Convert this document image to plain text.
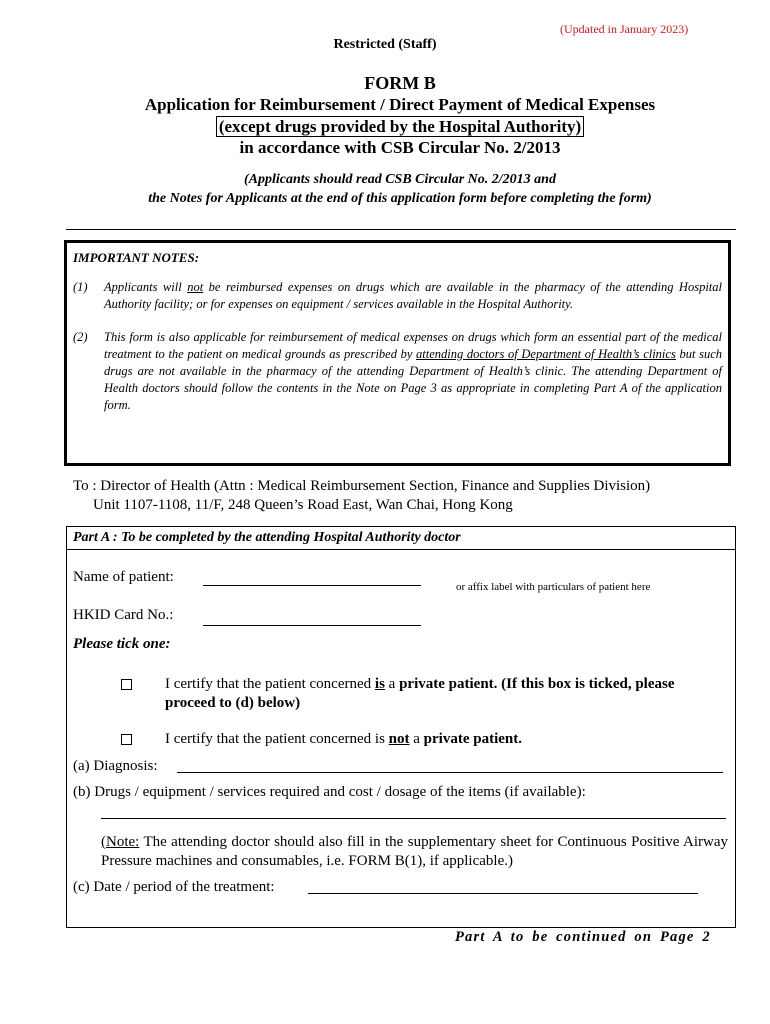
(Updated in January 2023)
Restricted (Staff)
FORM B
Application for Reimbursement / Direct Payment of Medical Expenses
(except drugs provided by the Hospital Authority)
in accordance with CSB Circular No. 2/2013
(Applicants should read CSB Circular No. 2/2013 and
the Notes for Applicants at the end of this application form before completing the form)
IMPORTANT NOTES:
(1)	Applicants will not be reimbursed expenses on drugs which are available in the pharmacy of the attending Hospital Authority facility; or for expenses on equipment / services available in the Hospital Authority.
(2)	This form is also applicable for reimbursement of medical expenses on drugs which form an essential part of the medical treatment to the patient on medical grounds as prescribed by attending doctors of Department of Health’s clinics but such drugs are not available in the pharmacy of the attending Department of Health’s clinic. The attending Department of Health doctors should follow the contents in the Note on Page 3 as appropriate in completing Part A of the application form.
To : Director of Health (Attn : Medical Reimbursement Section, Finance and Supplies Division)
Unit 1107-1108, 11/F, 248 Queen’s Road East, Wan Chai, Hong Kong
Part A : To be completed by the attending Hospital Authority doctor
Name of patient:
or affix label with particulars of patient here
HKID Card No.:
Please tick one:
I certify that the patient concerned is a private patient. (If this box is ticked, please proceed to (d) below)
I certify that the patient concerned is not a private patient.
(a) Diagnosis:
(b) Drugs / equipment / services required and cost / dosage of the items (if available):
(Note: The attending doctor should also fill in the supplementary sheet for Continuous Positive Airway Pressure machines and consumables, i.e. FORM B(1), if applicable.)
(c) Date / period of the treatment:
Part A to be continued on Page 2
